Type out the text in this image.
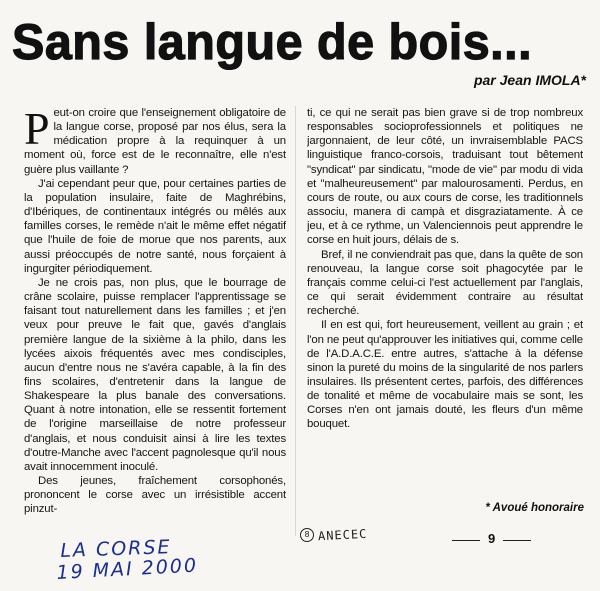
Sans langue de bois...
par Jean IMOLA*

Peut-on croire que l'enseignement obligatoire de la langue corse, proposé par nos élus, sera la médication propre à la requinquer à un moment où, force est de le reconnaître, elle n'est guère plus vaillante ?

J'ai cependant peur que, pour certaines parties de la population insulaire, faite de Maghrébins, d'Ibériques, de continentaux intégrés ou mêlés aux familles corses, le remède n'ait le même effet négatif que l'huile de foie de morue que nos parents, aux aussi préoccupés de notre santé, nous forçaient à ingurgiter périodiquement.

Je ne crois pas, non plus, que le bourrage de crâne scolaire, puisse remplacer l'apprentissage se faisant tout naturellement dans les familles ; et j'en veux pour preuve le fait que, gavés d'anglais première langue de la sixième à la philo, dans les lycées aixois fréquentés avec mes condisciples, aucun d'entre nous ne s'avéra capable, à la fin des fins scolaires, d'entretenir dans la langue de Shakespeare la plus banale des conversations. Quant à notre intonation, elle se ressentit fortement de l'origine marseillaise de notre professeur d'anglais, et nous conduisit ainsi à lire les textes d'outre-Manche avec l'accent pagnolesque qu'il nous avait innocemment inoculé.

Des jeunes, fraîchement corsophonés, prononcent le corse avec un irrésistible accent pinzut-

ti, ce qui ne serait pas bien grave si de trop nombreux responsables socioprofessionnels et politiques ne jargonnaient, de leur côté, un invraisemblable PACS linguistique franco-corsois, traduisant tout bêtement "syndicat" par sindicatu, "mode de vie" par modu di vida et "malheureusement" par malourosamenti. Perdus, en cours de route, ou aux cours de corse, les traditionnels associu, manera di campà et disgraziatamente. À ce jeu, et à ce rythme, un Valenciennois peut apprendre le corse en huit jours, délais de s.

Bref, il ne conviendrait pas que, dans la quête de son renouveau, la langue corse soit phagocytée par le français comme celui-ci l'est actuellement par l'anglais, ce qui serait évidemment contraire au résultat recherché.

Il en est qui, fort heureusement, veillent au grain ; et l'on ne peut qu'approuver les initiatives qui, comme celle de l'A.D.A.C.E. entre autres, s'attache à la défense sinon la pureté du moins de la singularité de nos parlers insulaires. Ils présentent certes, parfois, des différences de tonalité et même de vocabulaire mais se sont, les Corses n'en ont jamais douté, les fleurs d'un même bouquet.

* Avoué honoraire
LA CORSE
19 MAI 2000
8 ANECEC	9
